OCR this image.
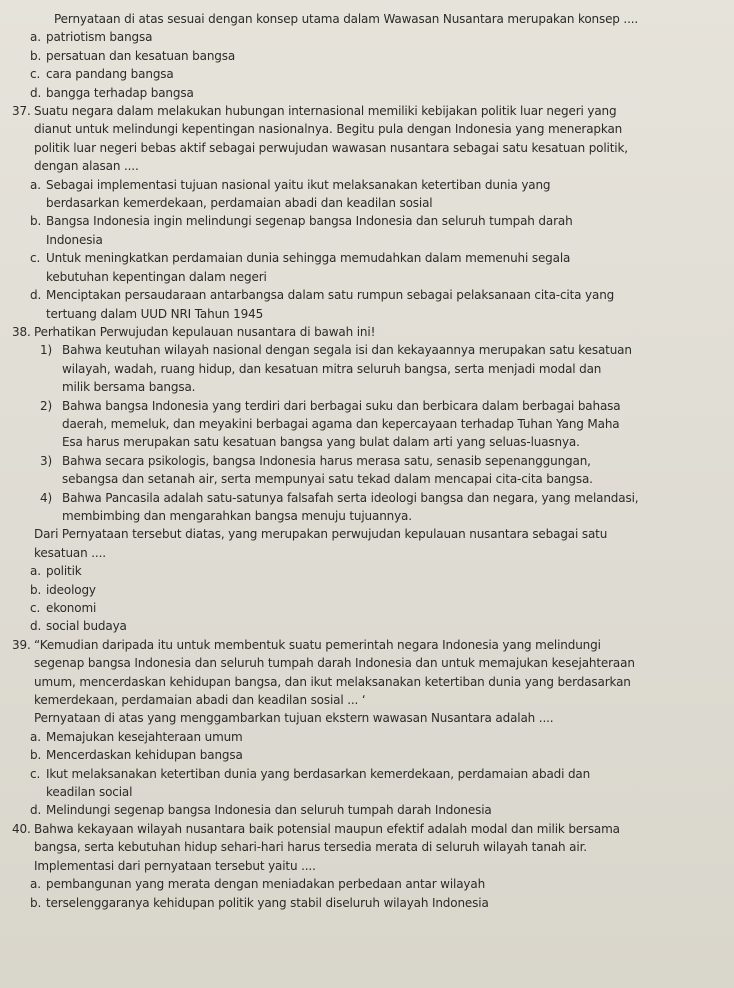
Pernyataan di atas sesuai dengan konsep utama dalam Wawasan Nusantara merupakan konsep ....
a. patriotism bangsa
b. persatuan dan kesatuan bangsa
c. cara pandang bangsa
d. bangga terhadap bangsa
37. Suatu negara dalam melakukan hubungan internasional memiliki kebijakan politik luar negeri yang
dianut untuk melindungi kepentingan nasionalnya. Begitu pula dengan Indonesia yang menerapkan
politik luar negeri bebas aktif sebagai perwujudan wawasan nusantara sebagai satu kesatuan politik,
dengan alasan ....
a. Sebagai implementasi tujuan nasional yaitu ikut melaksanakan ketertiban dunia yang
berdasarkan kemerdekaan, perdamaian abadi dan keadilan sosial
b. Bangsa Indonesia ingin melindungi segenap bangsa Indonesia dan seluruh tumpah darah
Indonesia
c. Untuk meningkatkan perdamaian dunia sehingga memudahkan dalam memenuhi segala
kebutuhan kepentingan dalam negeri
d. Menciptakan persaudaraan antarbangsa dalam satu rumpun sebagai pelaksanaan cita-cita yang
tertuang dalam UUD NRI Tahun 1945
38. Perhatikan Perwujudan kepulauan nusantara di bawah ini!
1) Bahwa keutuhan wilayah nasional dengan segala isi dan kekayaannya merupakan satu kesatuan
wilayah, wadah, ruang hidup, dan kesatuan mitra seluruh bangsa, serta menjadi modal dan
milik bersama bangsa.
2) Bahwa bangsa Indonesia yang terdiri dari berbagai suku dan berbicara dalam berbagai bahasa
daerah, memeluk, dan meyakini berbagai agama dan kepercayaan terhadap Tuhan Yang Maha
Esa harus merupakan satu kesatuan bangsa yang bulat dalam arti yang seluas-luasnya.
3) Bahwa secara psikologis, bangsa Indonesia harus merasa satu, senasib sepenanggungan,
sebangsa dan setanah air, serta mempunyai satu tekad dalam mencapai cita-cita bangsa.
4) Bahwa Pancasila adalah satu-satunya falsafah serta ideologi bangsa dan negara, yang melandasi,
membimbing dan mengarahkan bangsa menuju tujuannya.
Dari Pernyataan tersebut diatas, yang merupakan perwujudan kepulauan nusantara sebagai satu
kesatuan ....
a. politik
b. ideology
c. ekonomi
d. social budaya
39. “Kemudian daripada itu untuk membentuk suatu pemerintah negara Indonesia yang melindungi
segenap bangsa Indonesia dan seluruh tumpah darah Indonesia dan untuk memajukan kesejahteraan
umum, mencerdaskan kehidupan bangsa, dan ikut melaksanakan ketertiban dunia yang berdasarkan
kemerdekaan, perdamaian abadi dan keadilan sosial ... ‘
Pernyataan di atas yang menggambarkan tujuan ekstern wawasan Nusantara adalah ....
a. Memajukan kesejahteraan umum
b. Mencerdaskan kehidupan bangsa
c. Ikut melaksanakan ketertiban dunia yang berdasarkan kemerdekaan, perdamaian abadi dan
keadilan social
d. Melindungi segenap bangsa Indonesia dan seluruh tumpah darah Indonesia
40. Bahwa kekayaan wilayah nusantara baik potensial maupun efektif adalah modal dan milik bersama
bangsa, serta kebutuhan hidup sehari-hari harus tersedia merata di seluruh wilayah tanah air.
Implementasi dari pernyataan tersebut yaitu ....
a. pembangunan yang merata dengan meniadakan perbedaan antar wilayah
b. terselenggaranya kehidupan politik yang stabil diseluruh wilayah Indonesia
